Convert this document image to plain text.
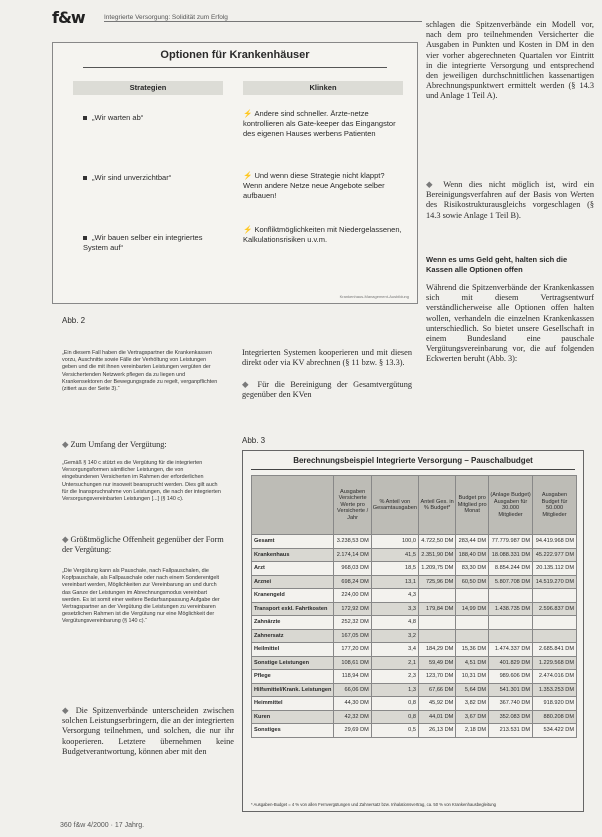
f&w	Integrierte Versorgung: Solidität zum Erfolg
Optionen für Krankenhäuser
Strategien	Klinken
„Wir warten ab“
„Wir sind unverzichtbar“
„Wir bauen selber ein integriertes System auf“
⚡ Andere sind schneller. Ärzte-netze kontrollieren als Gate-keeper das Eingangstor des eigenen Hauses werbens Patienten
⚡ Und wenn diese Strategie nicht klappt? Wenn andere Netze neue Angebote selber aufbauen!
⚡ Konfliktmöglichkeiten mit Niedergelassenen, Kalkulationsrisiken u.v.m.
Krankenhaus-Management-Ausbildung
Abb. 2
„Ein diesem Fall haben die Vertragspartner die Krankenkassen vorzu, Auschnitte sowie Fälle der Verhöltung von Leistungen geben und die mit ihnen vereinbarten Leistungen vergüten der Versichertenden Netzwerk pflegen da zu liegen und Krankensektoren der Bewegungsgrade zu regelt, verganpflichten (zitiert aus der Seite 3).“
◆ Zum Umfang der Vergütung:
„Gemäß § 140 c stützt es die Vergütung für die integrierten Versorgungsformen sämtlicher Leistungen, die von eingebundenen Versicherten im Rahmen der erforderlichen Untersuchungen nur insoweit beansprucht werden. Dies gilt auch für die Inanspruchnahme von Leistungen, die nach der integrierten Versorgungsvereinbarten Leistungen [...] (§ 140 c).
◆ Größtmögliche Offenheit gegenüber der Form der Vergütung:
„Die Vergütung kann als Pauschale, nach Fallpauschalen, die Kopfpauschale, als Fallpauschale oder nach einem Sonderentgelt vereinbart werden, Möglichkeiten zur Vereinbarung an und durch das Ganze der Leistungen im Abrechnungsmodus vereinbart werden. Es ist somit einer weitere Bedarfsanpassung Aufgabe der Vertragspartner an der Vergütung die Leistungen zu vereinbaren gesetzlichen Rahmen ist die Vergütung nur eine Möglichkeit der Vergütungsvereinbarung (§ 140 c).“
◆ Die Spitzenverbände unterscheiden zwischen solchen Leistungserbringern, die an der integrierten Versorgung teilnehmen, und solchen, die nur ihr kooperieren. Letztere übernehmen keine Budgetverantwortung, können aber mit den
Integrierten Systemen kooperieren und mit diesen direkt oder via KV abrechnen (§ 11 bzw. § 13.3).
◆ Für die Bereinigung der Gesamtvergütung gegenüber den KVen
Abb. 3
schlagen die Spitzenverbände ein Modell vor, nach dem pro teilnehmenden Versicherter die Ausgaben in Punkten und Kosten in DM in den vier vorher abgerechneten Quartalen vor Eintritt in die integrierte Versorgung und entsprechend den jeweiligen durchschnittlichen kassenartigen Abrechnungspunktwert ermittelt werden (§ 14.3 und Anlage 1 Teil A).
◆ Wenn dies nicht möglich ist, wird ein Bereinigungsverfahren auf der Basis von Werten des Risikostrukturausgleichs vorgeschlagen (§ 14.3 sowie Anlage 1 Teil B).
Wenn es ums Geld geht, halten sich die Kassen alle Optionen offen
Während die Spitzenverbände der Krankenkassen sich mit diesem Vertragsentwurf verständlicherweise alle Optionen offen halten wollen, verhandeln die einzelnen Krankenkassen unterschiedlich. So bietet unsere Gesellschaft in einem Bundesland eine pauschale Vergütungsvereinbarung vor, die auf folgenden Eckwerten beruht (Abb. 3):
Berechnungsbeispiel Integrierte Versorgung – Pauschalbudget
	Ausgaben Versicherte Werte pro Versicherte / Jahr	% Anteil von Gesamtausgaben	Anteil Ges. in % Budget*	Budget pro Mitglied pro Monat	(Anlage Budget) Ausgaben für 30.000 Mitglieder	Ausgaben Budget für 50.000 Mitglieder
Gesamt	3.238,53 DM	100,0	4.722,50 DM	283,44 DM	77.779.987 DM	94.419.968 DM
Krankenhaus	2.174,14 DM	41,5	2.351,90 DM	188,40 DM	18.088.331 DM	45.222.977 DM
Arzt	968,03 DM	18,5	1.209,75 DM	83,30 DM	8.854.244 DM	20.135.112 DM
Arznei	698,24 DM	13,1	725,96 DM	60,50 DM	5.807.708 DM	14.519.270 DM
Kranengeld	224,00 DM	4,3				
Transport exkl. Fahrtkosten	172,92 DM	3,3	179,84 DM	14,99 DM	1.438.735 DM	2.596.837 DM
Zahnärzte	252,32 DM	4,8				
Zahnersatz	167,05 DM	3,2				
Heilmittel	177,20 DM	3,4	184,29 DM	15,36 DM	1.474.337 DM	2.685.841 DM
Sonstige Leistungen	108,61 DM	2,1	59,49 DM	4,51 DM	401.829 DM	1.229.568 DM
Pflege	118,94 DM	2,3	123,70 DM	10,31 DM	989.606 DM	2.474.016 DM
Hilfsmittel/Krank. Leistungen	66,06 DM	1,3	67,66 DM	5,64 DM	541.301 DM	1.353.253 DM
Heimmittel	44,30 DM	0,8	45,92 DM	3,82 DM	367.740 DM	918.920 DM
Kuren	42,32 DM	0,8	44,01 DM	3,67 DM	352.083 DM	880.208 DM
Sonstiges	29,69 DM	0,5	26,13 DM	2,18 DM	213.531 DM	534.422 DM
* Ausgaben-Budget = 4 % von allen Fernvergütungen und Zahnersatz bzw. Inhalationsvertrag, ca. 50 % von Krankenhausbegleitung
360 f&w 4/2000 · 17 Jahrg.
